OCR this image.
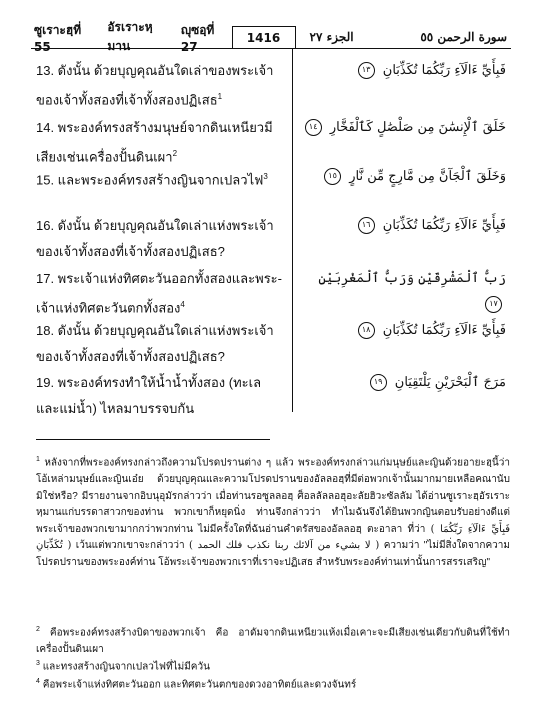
ซูเราะฮฺที่ 55
อัรเราะหฺมาน
ญุซอฺที่ 27
1416	الجزء ٢٧	سورة الرحمن ٥٥
13. ดังนั้น ด้วยบุญคุณอันใดเล่าของพระเจ้า
ของเจ้าทั้งสองที่เจ้าทั้งสองปฏิเสธ$^1$
فَبِأَيِّ ءَالَآءِ رَبِّكُمَا تُكَذِّبَانِ ١٣
14. พระองค์ทรงสร้างมนุษย์จากดินเหนียวมี
เสียงเช่นเครื่องปั้นดินเผา$^2$
خَلَقَ ٱلْإِنسَٰنَ مِن صَلْصَٰلٍ كَٱلْفَخَّارِ ١٤
15. และพระองค์ทรงสร้างญินจากเปลวไฟ$^3$	وَخَلَقَ ٱلْجَآنَّ مِن مَّارِجٍ مِّن نَّارٍ ١٥
16. ดังนั้น ด้วยบุญคุณอันใดเล่าแห่งพระเจ้า
ของเจ้าทั้งสองที่เจ้าทั้งสองปฏิเสธ?
فَبِأَيِّ ءَالَآءِ رَبِّكُمَا تُكَذِّبَانِ ١٦
17. พระเจ้าแห่งทิศตะวันออกทั้งสองและพระ-
เจ้าแห่งทิศตะวันตกทั้งสอง$^4$
رَبُّ ٱلْمَشْرِقَيْنِ وَرَبُّ ٱلْمَغْرِبَيْنِ ١٧
18. ดังนั้น ด้วยบุญคุณอันใดเล่าแห่งพระเจ้า
ของเจ้าทั้งสองที่เจ้าทั้งสองปฏิเสธ?
فَبِأَيِّ ءَالَآءِ رَبِّكُمَا تُكَذِّبَانِ ١٨
19. พระองค์ทรงทำให้น้ำน้ำทั้งสอง (ทะเล
และแม่น้ำ) ไหลมาบรรจบกัน
مَرَجَ ٱلْبَحْرَيْنِ يَلْتَقِيَانِ ١٩
$^1$ หลังจากที่พระองค์ทรงกล่าวถึงความโปรดปรานต่าง ๆ แล้ว พระองค์ทรงกล่าวแก่มนุษย์และญินด้วยอายะฮฺนี้ว่า โอ้เหล่ามนุษย์และญินเอ๋ย ด้วยบุญคุณและความโปรดปรานของอัลลอฮฺที่มีต่อพวกเจ้านั้นมากมายเหลือคณานับมิใช่หรือ? มีรายงานจากอิบนุอุมัรกล่าวว่า เมื่อท่านรอซูลลอฮฺ ศ็อลลัลลอฮุอะลัยฮิวะซัลลัม ได้อ่านซูเราะฮฺอัรเราะหฺมานแก่บรรดาสาวกของท่าน พวกเขาก็หยุดนิ่ง ท่านจึงกล่าวว่า ทำไมฉันจึงได้ยินพวกญินตอบรับอย่างดีแต่พระเจ้าของพวกเขามากกว่าพวกท่าน ไม่มีครั้งใดที่ฉันอ่านคำตรัสของอัลลอฮฺ ตะอาลา ที่ว่า ( فَبِأَيِّ ءَالَآءِ رَبِّكُمَا تُكَذِّبَانِ ) เว้นแต่พวกเขาจะกล่าวว่า ( لا بشيء من آلائك ربنا نكذب فلك الحمد ) ความว่า "ไม่มีสิ่งใดจากความโปรดปรานของพระองค์ท่าน โอ้พระเจ้าของพวกเราที่เราจะปฏิเสธ สำหรับพระองค์ท่านเท่านั้นการสรรเสริญ"
$^2$ คือพระองค์ทรงสร้างบิดาของพวกเจ้า คือ อาดัมจากดินเหนียวแห้งเมื่อเคาะจะมีเสียงเช่นเดียวกับดินที่ใช้ทำเครื่องปั้นดินเผา
$^3$ และทรงสร้างญินจากเปลวไฟที่ไม่มีควัน
$^4$ คือพระเจ้าแห่งทิศตะวันออก และทิศตะวันตกของดวงอาทิตย์และดวงจันทร์
